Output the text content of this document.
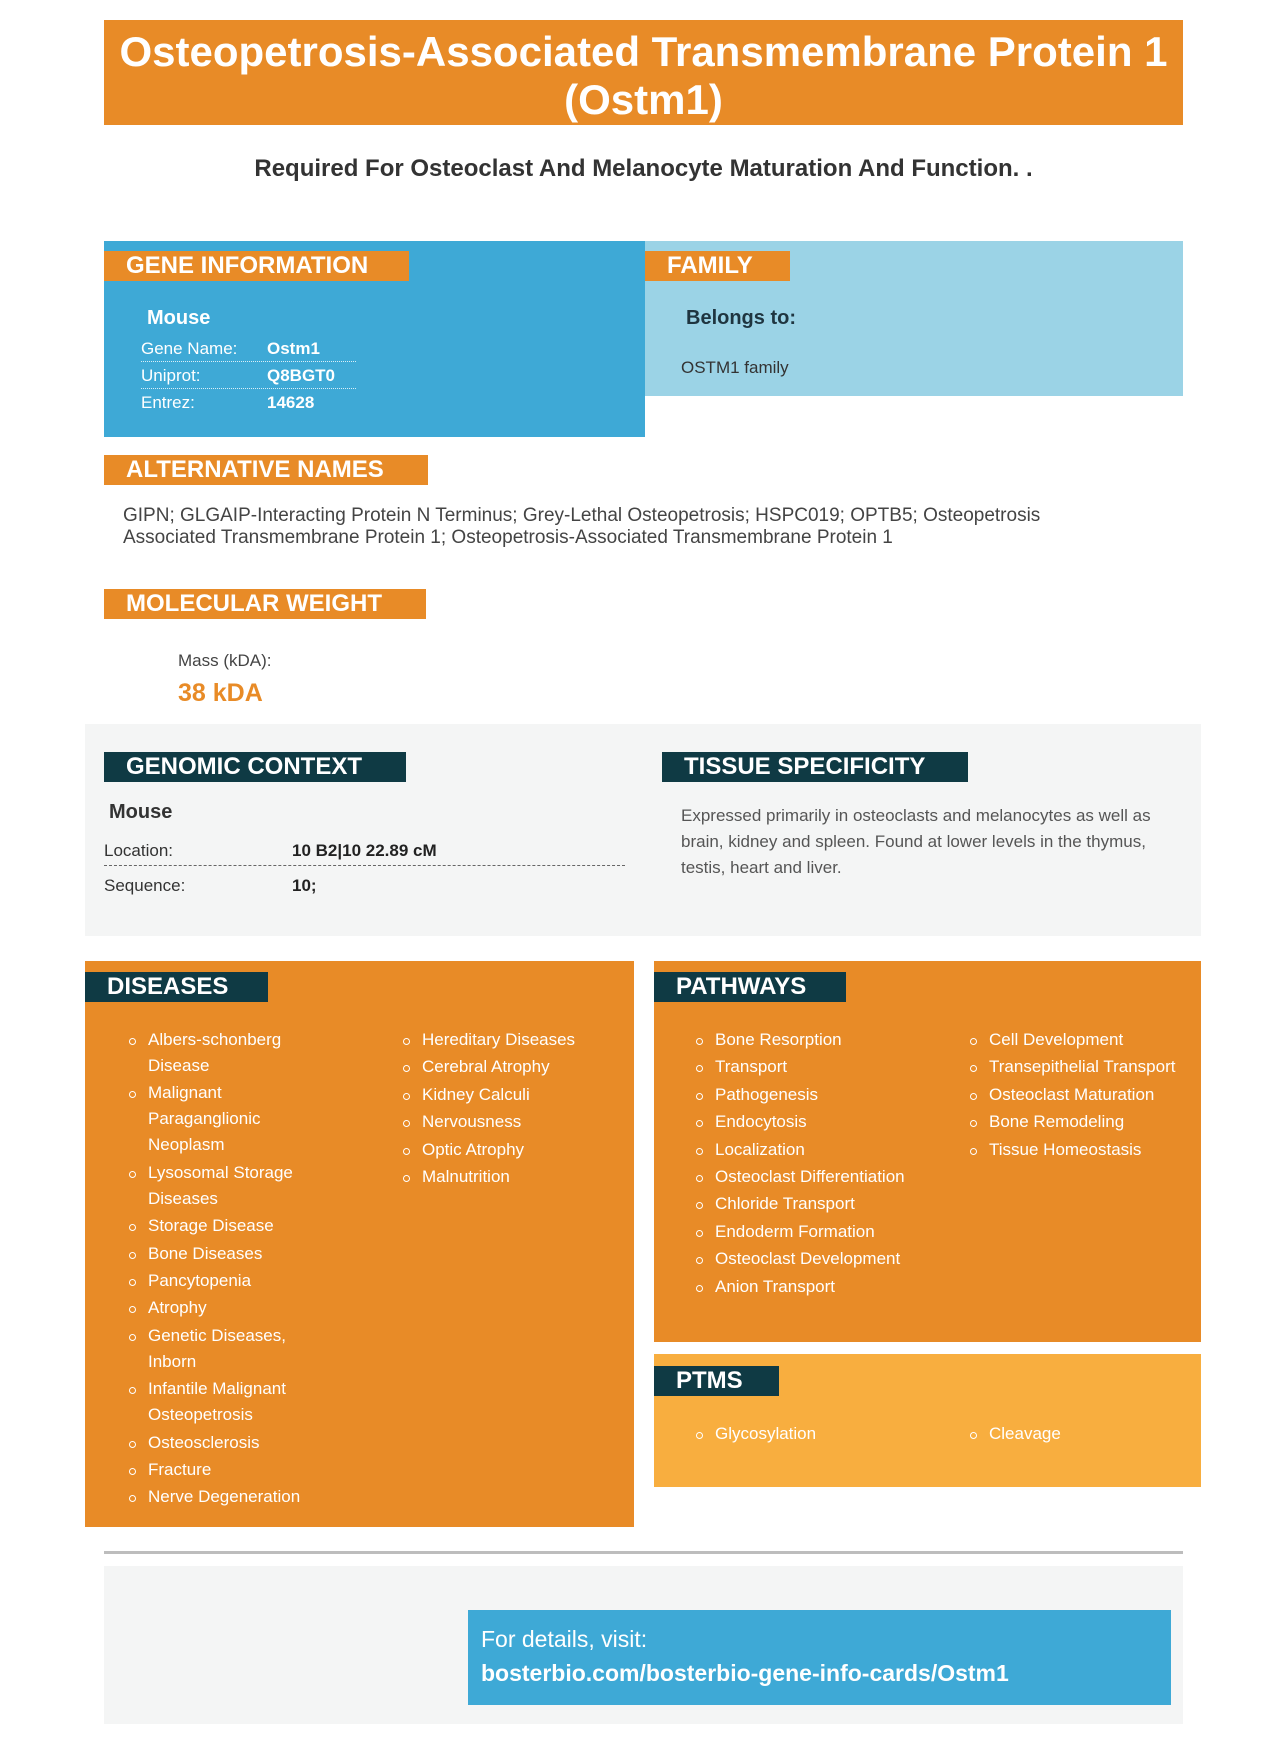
Osteopetrosis-Associated Transmembrane Protein 1 (Ostm1)
Required For Osteoclast And Melanocyte Maturation And Function. .
GENE INFORMATION	FAMILY
Mouse
Gene Name: Ostm1
Uniprot:	Q8BGT0
Entrez:	14628
Belongs to:
OSTM1 family
ALTERNATIVE NAMES
GIPN; GLGAIP-Interacting Protein N Terminus; Grey-Lethal Osteopetrosis; HSPC019; OPTB5; Osteopetrosis Associated Transmembrane Protein 1; Osteopetrosis-Associated Transmembrane Protein 1
MOLECULAR WEIGHT
Mass (kDA):
38 kDA
GENOMIC CONTEXT	TISSUE SPECIFICITY
Mouse
Location:	10 B2|10 22.89 cM
Sequence:	10;
Expressed primarily in osteoclasts and melanocytes as well as brain, kidney and spleen. Found at lower levels in the thymus, testis, heart and liver.
DISEASES
Albers-schonberg Disease
Malignant Paraganglionic Neoplasm
Lysosomal Storage Diseases
Storage Disease
Bone Diseases
Pancytopenia
Atrophy
Genetic Diseases, Inborn
Infantile Malignant Osteopetrosis
Osteosclerosis
Fracture
Nerve Degeneration
Hereditary Diseases
Cerebral Atrophy
Kidney Calculi
Nervousness
Optic Atrophy
Malnutrition
PATHWAYS
Bone Resorption
Transport
Pathogenesis
Endocytosis
Localization
Osteoclast Differentiation
Chloride Transport
Endoderm Formation
Osteoclast Development
Anion Transport
Cell Development
Transepithelial Transport
Osteoclast Maturation
Bone Remodeling
Tissue Homeostasis
PTMS
Glycosylation	Cleavage
For details, visit:
bosterbio.com/bosterbio-gene-info-cards/Ostm1
